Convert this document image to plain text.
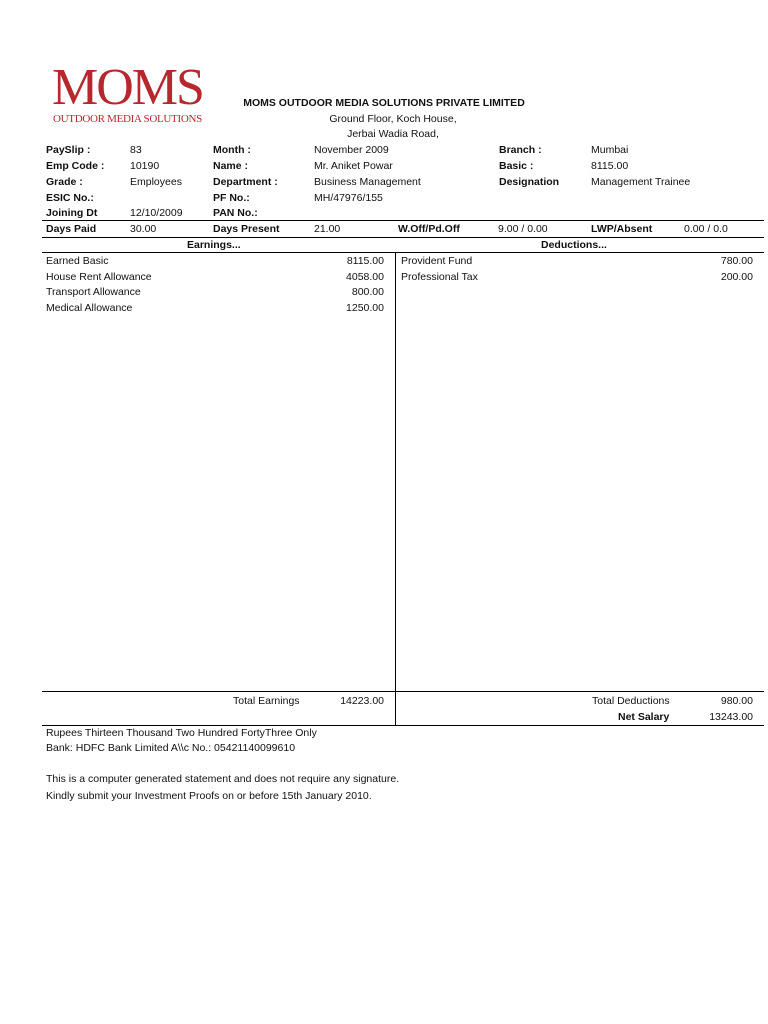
MOMS
OUTDOOR MEDIA SOLUTIONS
MOMS OUTDOOR MEDIA SOLUTIONS PRIVATE LIMITED
Ground Floor, Koch House,
Jerbai Wadia Road,
PaySlip :	83	Month :	November 2009	Branch :	Mumbai
Emp Code : 10190	Name :	Mr. Aniket Powar	Basic :	8115.00
Grade :	Employees	Department :	Business Management	Designation	Management Trainee
ESIC No.:	PF No.:	MH/47976/155
Joining Dt	12/10/2009	PAN No.:
Days Paid	30.00	Days Present	21.00	W.Off/Pd.Off	9.00 / 0.00	LWP/Absent	0.00 / 0.0
Earnings...	Deductions...
Earned Basic	8115.00
House Rent Allowance	4058.00
Transport Allowance	800.00
Medical Allowance	1250.00
Provident Fund	780.00
Professional Tax	200.00
Total Earnings	14223.00	Total Deductions	980.00
Net Salary	13243.00
Rupees Thirteen Thousand Two Hundred FortyThree Only
Bank: HDFC Bank Limited A\\c No.: 05421140099610
This is a computer generated statement and does not require any signature.
Kindly submit your Investment Proofs on or before 15th January 2010.
